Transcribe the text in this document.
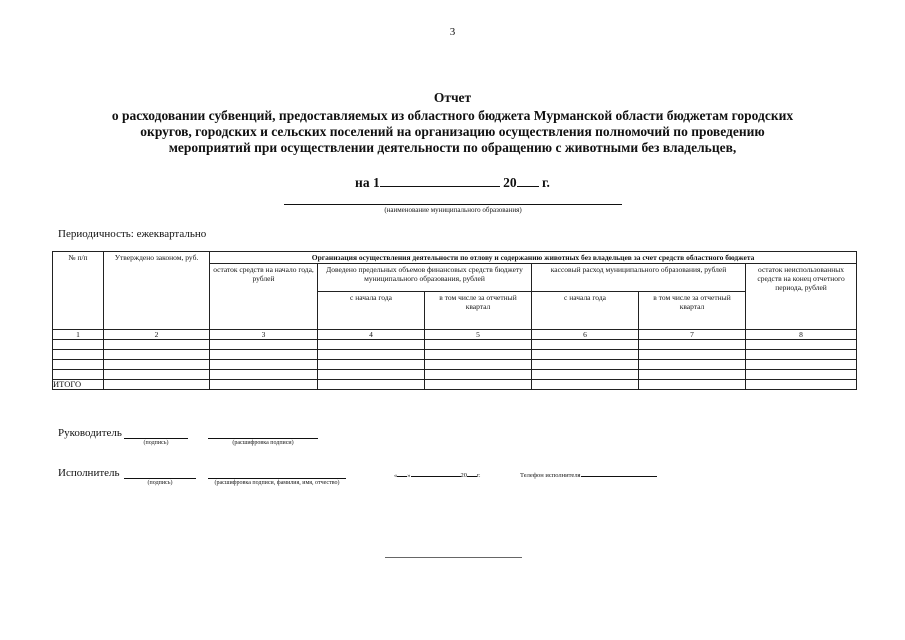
3
Отчет
о расходовании субвенций, предоставляемых из областного бюджета Мурманской области бюджетам городских
округов, городских и сельских поселений на организацию осуществления полномочий по проведению
мероприятий при осуществлении деятельности по обращению с животными без владельцев,
на 1	20 г.
(наименование муниципального образования)
Периодичность: ежеквартально
№ п/п	Утверждено законом, руб.	Организация осуществления деятельности по отлову и содержанию животных без владельцев за счет средств областного бюджета					
		остаток средств на начало года, рублей	Доведено предельных объемов финансовых средств бюджету муниципального образования, рублей		кассовый расход муниципального образования, рублей		остаток неиспользованных средств на конец отчетного периода, рублей
			с начала года	в том числе за отчетный квартал	с начала года	в том числе за отчетный квартал	
1	2	3	4	5	6	7	8

ИТОГО							
Руководитель
(подпись)	(расшифровка подписи)
Исполнитель
(подпись)	(расшифровка подписи, фамилия, имя, отчество)
« »	20 г.	Телефон исполнителя
